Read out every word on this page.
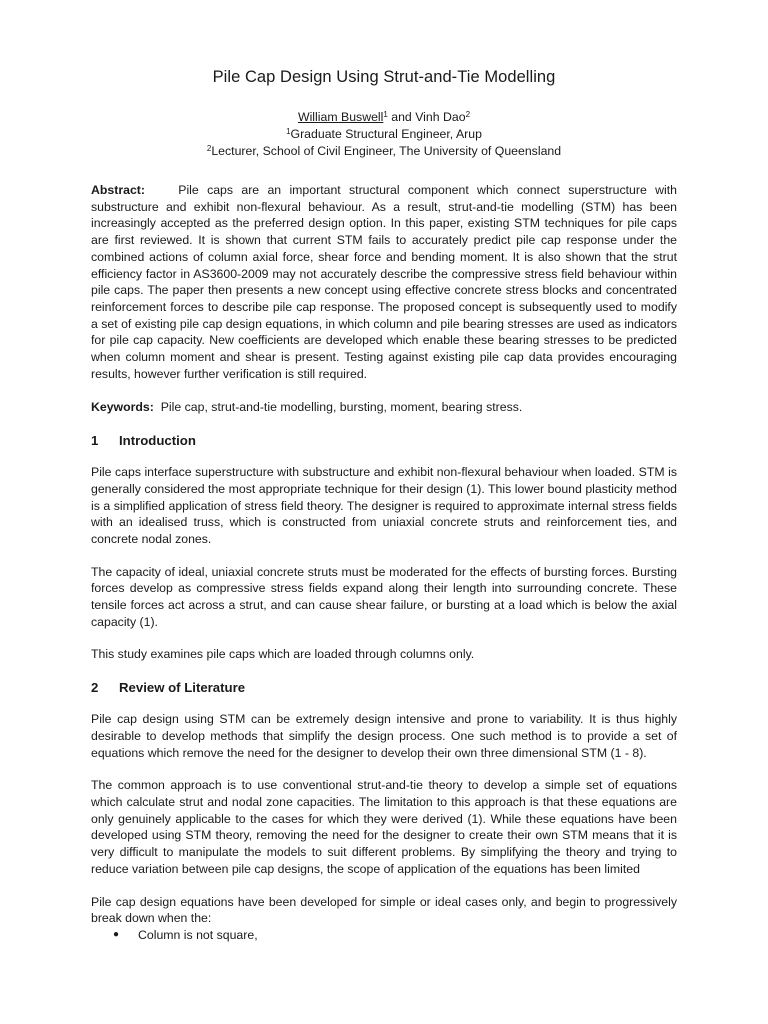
Pile Cap Design Using Strut-and-Tie Modelling
William Buswell$^1$ and Vinh Dao$^2$
$^1$Graduate Structural Engineer, Arup
$^2$Lecturer, School of Civil Engineer, The University of Queensland

Abstract:	Pile caps are an important structural component which connect superstructure with substructure and exhibit non-flexural behaviour. As a result, strut-and-tie modelling (STM) has been increasingly accepted as the preferred design option. In this paper, existing STM techniques for pile caps are first reviewed. It is shown that current STM fails to accurately predict pile cap response under the combined actions of column axial force, shear force and bending moment. It is also shown that the strut efficiency factor in AS3600-2009 may not accurately describe the compressive stress field behaviour within pile caps. The paper then presents a new concept using effective concrete stress blocks and concentrated reinforcement forces to describe pile cap response. The proposed concept is subsequently used to modify a set of existing pile cap design equations, in which column and pile bearing stresses are used as indicators for pile cap capacity. New coefficients are developed which enable these bearing stresses to be predicted when column moment and shear is present. Testing against existing pile cap data provides encouraging results, however further verification is still required.

Keywords: Pile cap, strut-and-tie modelling, bursting, moment, bearing stress.

1 Introduction

Pile caps interface superstructure with substructure and exhibit non-flexural behaviour when loaded. STM is generally considered the most appropriate technique for their design (1). This lower bound plasticity method is a simplified application of stress field theory. The designer is required to approximate internal stress fields with an idealised truss, which is constructed from uniaxial concrete struts and reinforcement ties, and concrete nodal zones.

The capacity of ideal, uniaxial concrete struts must be moderated for the effects of bursting forces. Bursting forces develop as compressive stress fields expand along their length into surrounding concrete. These tensile forces act across a strut, and can cause shear failure, or bursting at a load which is below the axial capacity (1).

This study examines pile caps which are loaded through columns only.

2 Review of Literature

Pile cap design using STM can be extremely design intensive and prone to variability. It is thus highly desirable to develop methods that simplify the design process. One such method is to provide a set of equations which remove the need for the designer to develop their own three dimensional STM (1 - 8).

The common approach is to use conventional strut-and-tie theory to develop a simple set of equations which calculate strut and nodal zone capacities. The limitation to this approach is that these equations are only genuinely applicable to the cases for which they were derived (1). While these equations have been developed using STM theory, removing the need for the designer to create their own STM means that it is very difficult to manipulate the models to suit different problems. By simplifying the theory and trying to reduce variation between pile cap designs, the scope of application of the equations has been limited

Pile cap design equations have been developed for simple or ideal cases only, and begin to progressively break down when the:

● Column is not square,
